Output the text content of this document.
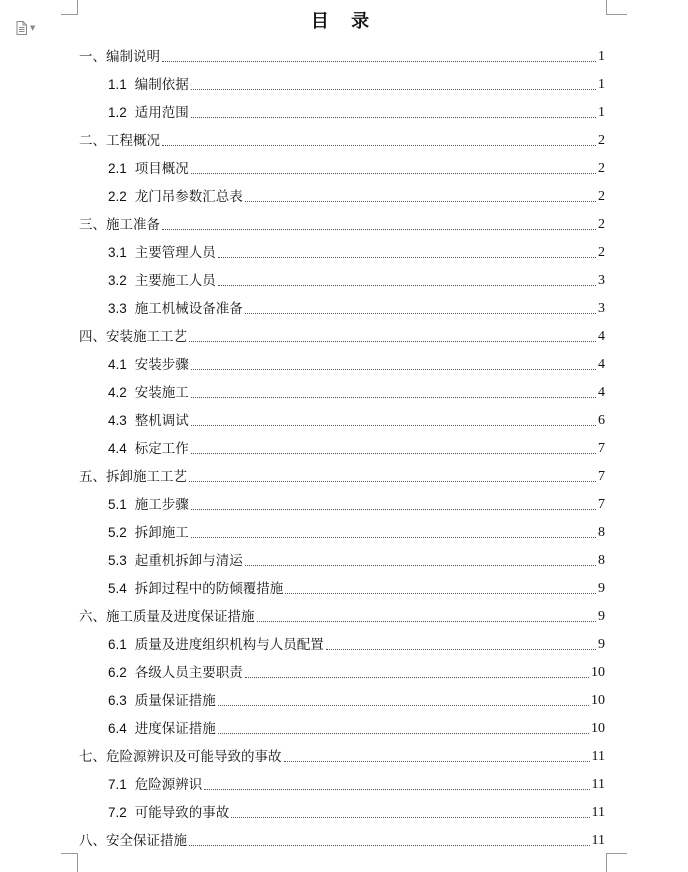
▼	目 录
一、编制说明	1
1.1 编制依据	1
1.2 适用范围	1
二、工程概况	2
2.1 项目概况	2
2.2 龙门吊参数汇总表	2
三、施工准备	2
3.1 主要管理人员	2
3.2 主要施工人员	3
3.3 施工机械设备准备	3
四、安装施工工艺	4
4.1 安装步骤	4
4.2 安装施工	4
4.3 整机调试	6
4.4 标定工作	7
五、拆卸施工工艺	7
5.1 施工步骤	7
5.2 拆卸施工	8
5.3 起重机拆卸与清运	8
5.4 拆卸过程中的防倾覆措施	9
六、施工质量及进度保证措施	9
6.1 质量及进度组织机构与人员配置	9
6.2 各级人员主要职责	10
6.3 质量保证措施	10
6.4 进度保证措施	10
七、危险源辨识及可能导致的事故	11
7.1 危险源辨识	11
7.2 可能导致的事故	11
八、安全保证措施	11
